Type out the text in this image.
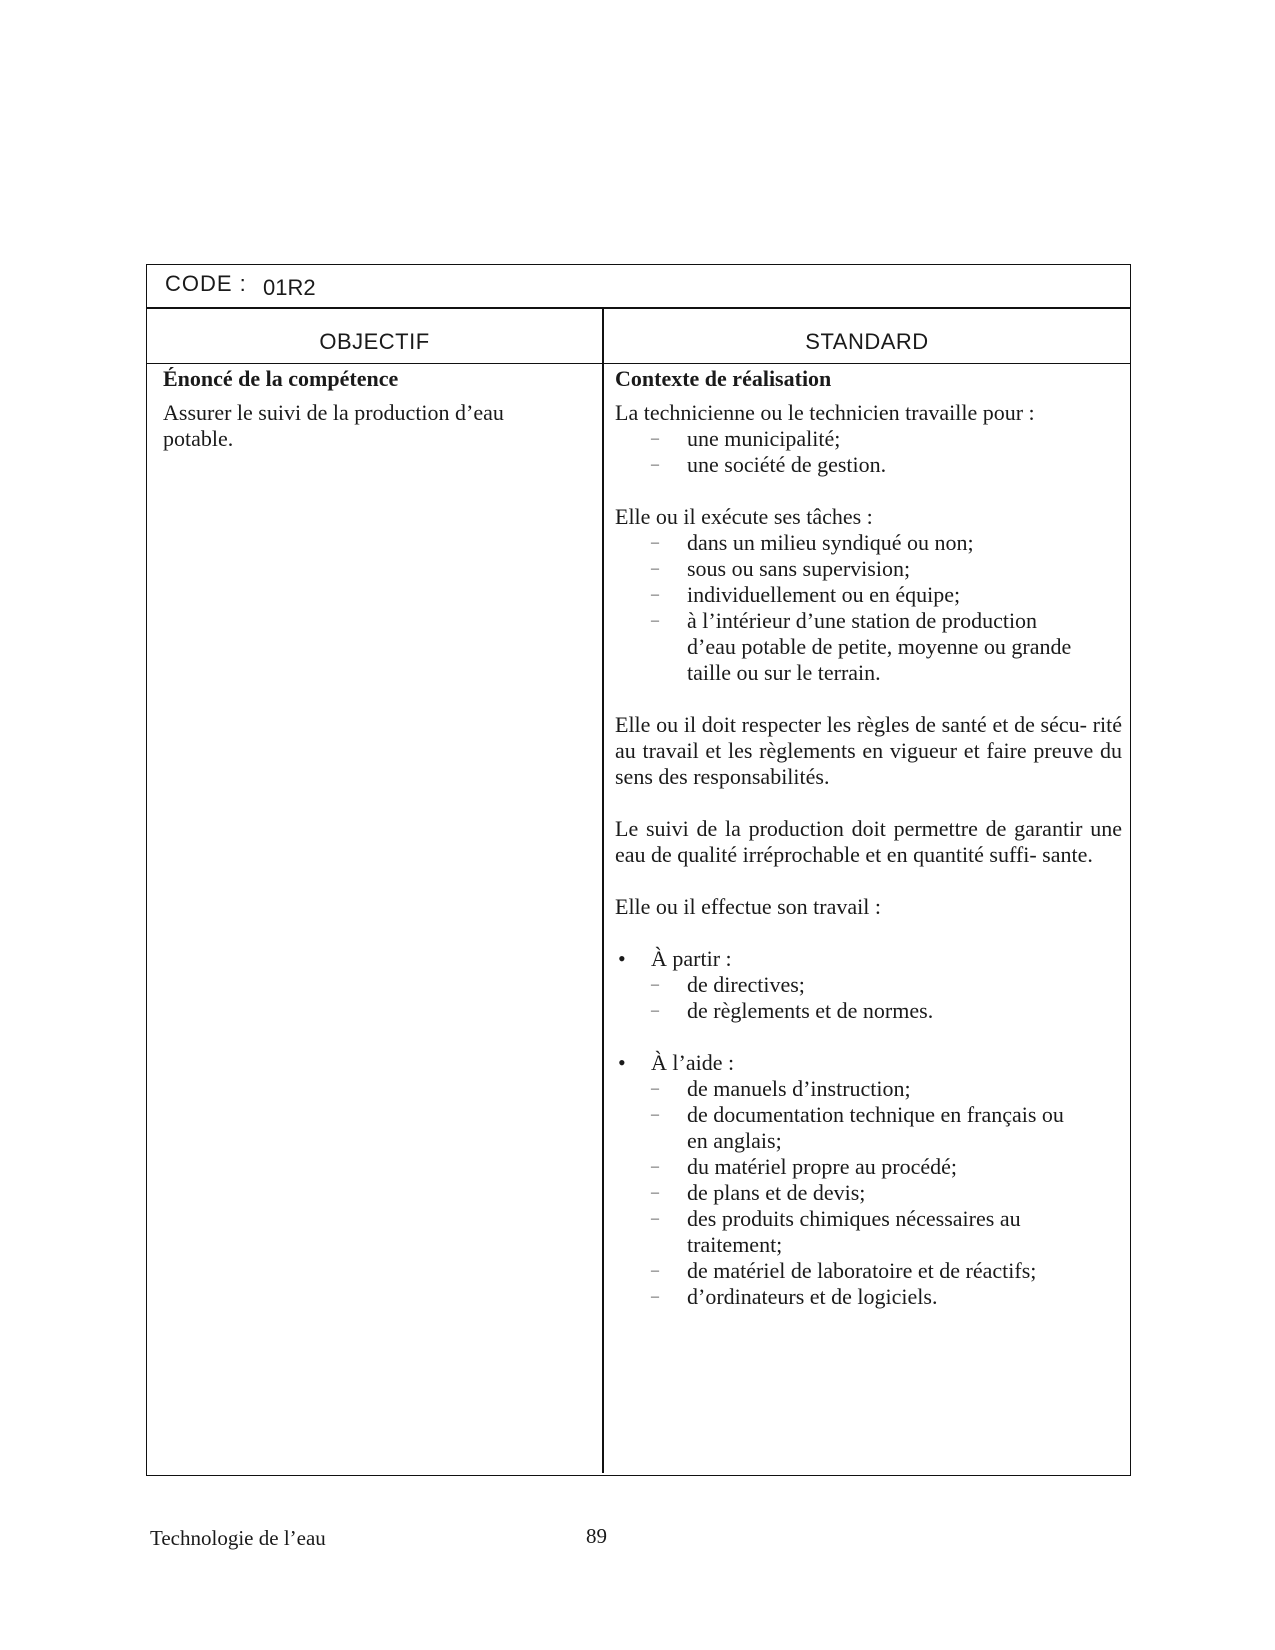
CODE : 01R2
OBJECTIF	STANDARD

Énoncé de la compétence

Assurer le suivi de la production d’eau

potable.

Contexte de réalisation

La technicienne ou le technicien travaille pour :

– une municipalité;
– une société de gestion.

Elle ou il exécute ses tâches :

– dans un milieu syndiqué ou non;
– sous ou sans supervision;
– individuellement ou en équipe;
– à l’intérieur d’une station de production
d’eau potable de petite, moyenne ou grande
taille ou sur le terrain.

Elle ou il doit respecter les règles de santé et de sécu- rité au travail et les règlements en vigueur et faire preuve du sens des responsabilités.

Le suivi de la production doit permettre de garantir une eau de qualité irréprochable et en quantité suffi- sante.

Elle ou il effectue son travail :

• À partir :
– de directives;
– de règlements et de normes.
• À l’aide :
– de manuels d’instruction;
– de documentation technique en français ou
en anglais;
– du matériel propre au procédé;
– de plans et de devis;
– des produits chimiques nécessaires au
traitement;
– de matériel de laboratoire et de réactifs;
– d’ordinateurs et de logiciels.
Technologie de l’eau	89
